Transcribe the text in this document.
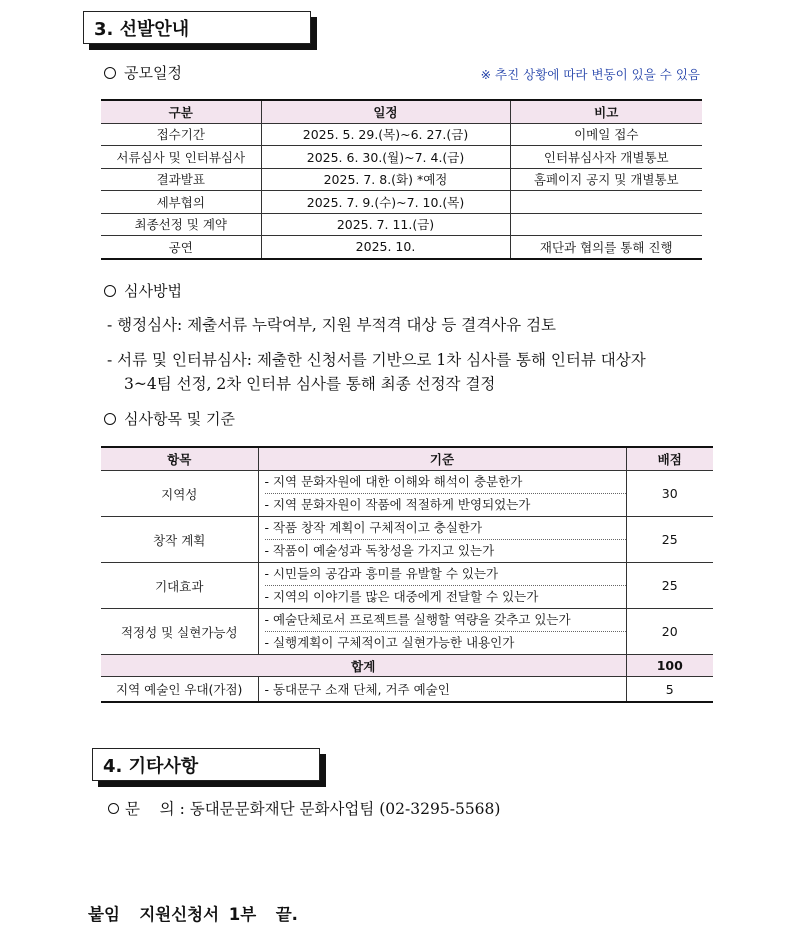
3. 선발안내
공모일정	※ 추진 상황에 따라 변동이 있을 수 있음
구분	일정	비고
접수기간	2025. 5. 29.(목)~6. 27.(금)	이메일 접수
서류심사 및 인터뷰심사	2025. 6. 30.(월)~7. 4.(금)	인터뷰심사자 개별통보
결과발표	2025. 7. 8.(화) *예정	홈페이지 공지 및 개별통보
세부협의	2025. 7. 9.(수)~7. 10.(목)	
최종선정 및 계약	2025. 7. 11.(금)	
공연	2025. 10.	재단과 협의를 통해 진행
심사방법
- 행정심사: 제출서류 누락여부, 지원 부적격 대상 등 결격사유 검토
- 서류 및 인터뷰심사: 제출한 신청서를 기반으로 1차 심사를 통해 인터뷰 대상자
3~4팀 선정, 2차 인터뷰 심사를 통해 최종 선정작 결정
심사항목 및 기준
항목	기준	배점
지역성	- 지역 문화자원에 대한 이해와 해석이 충분한가
- 지역 문화자원이 작품에 적절하게 반영되었는가	30
창작 계획	- 작품 창작 계획이 구체적이고 충실한가
- 작품이 예술성과 독창성을 가지고 있는가	25
기대효과	- 시민들의 공감과 흥미를 유발할 수 있는가
- 지역의 이야기를 많은 대중에게 전달할 수 있는가	25
적정성 및 실현가능성	- 예술단체로서 프로젝트를 실행할 역량을 갖추고 있는가
- 실행계획이 구체적이고 실현가능한 내용인가	20
합계		100
지역 예술인 우대(가점)	- 동대문구 소재 단체, 거주 예술인	5
4. 기타사항
문    의 : 동대문문화재단 문화사업팀 (02-3295-5568)
붙임  지원신청서 1부  끝.
